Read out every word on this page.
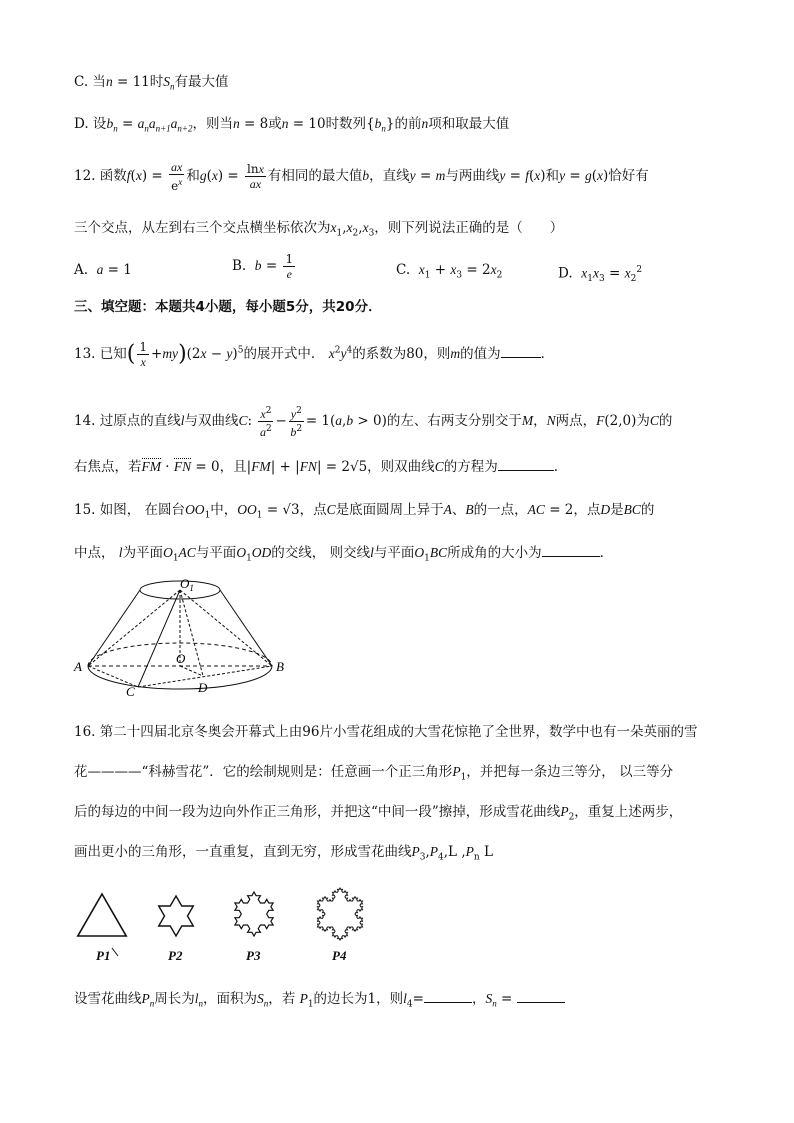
C. 当n = 11时$S_n$有最大值
D. 设$b_n = a_na_{n+1}a_{n+2}$，则当n = 8或n = 10时数列$\{b_n\}$的前n项和取最大值
12. 函数$f(x) = \frac{ax}{e^x}$ 和$g(x) = \frac{\ln x}{ax}$ 有相同的最大值b，直线y = m与两曲线y = f(x)和y = g(x)恰好有
三个交点，从左到右三个交点横坐标依次为$x_1,x_2,x_3$，则下列说法正确的是（　　）
A.  a = 1	B.  $b = \frac{1}{e}$	C.  $x_1 + x_3 = 2x_2$	D.  $x_1x_3 = x_2^2$
三、填空题：本题共4小题，每小题5分，共20分．
13. 已知( $\frac{1}{x} +my)(2x - y)^5$的展开式中． $x^2y^4$的系数为80，则m的值为	．
14. 过原点的直线l与双曲线C: $\frac{x^2}{a^2} - \frac{y^2}{b^2} = 1(a,b > 0)$的左、右两支分别交于M，N两点，F(2,0)为C的
右焦点，若FM · FN = 0，且|FM| + |FN| = 2√5，则双曲线C的方程为	.
15. 如图， 在圆台$OO_1$中，$OO_1 = √3$，点C是底面圆周上异于A、B的一点，AC = 2，点D是BC的
中点， l为平面$O_1AC$与平面$O_1OD$的交线， 则交线l与平面$O_1BC$所成角的大小为	．
$O_1$
O
A	B
C	D
16. 第二十四届北京冬奥会开幕式上由96片小雪花组成的大雪花惊艳了全世界，数学中也有一朵英丽的雪
花————“科赫雪花”．它的绘制规则是：任意画一个正三角形$P_1$，并把每一条边三等分， 以三等分
后的每边的中间一段为边向外作正三角形，并把这“中间一段”擦掉，形成雪花曲线$P_2$，重复上述两步，
画出更小的三角形，一直重复，直到无穷，形成雪花曲线$P_3,P_4,L$ $,P_n$ L
P1	P2	P3	P4
设雪花曲线$P_n$周长为$l_n$，面积为$S_n$，若 $P_1$的边长为1，则$l_4=$	，$S_n$ =
